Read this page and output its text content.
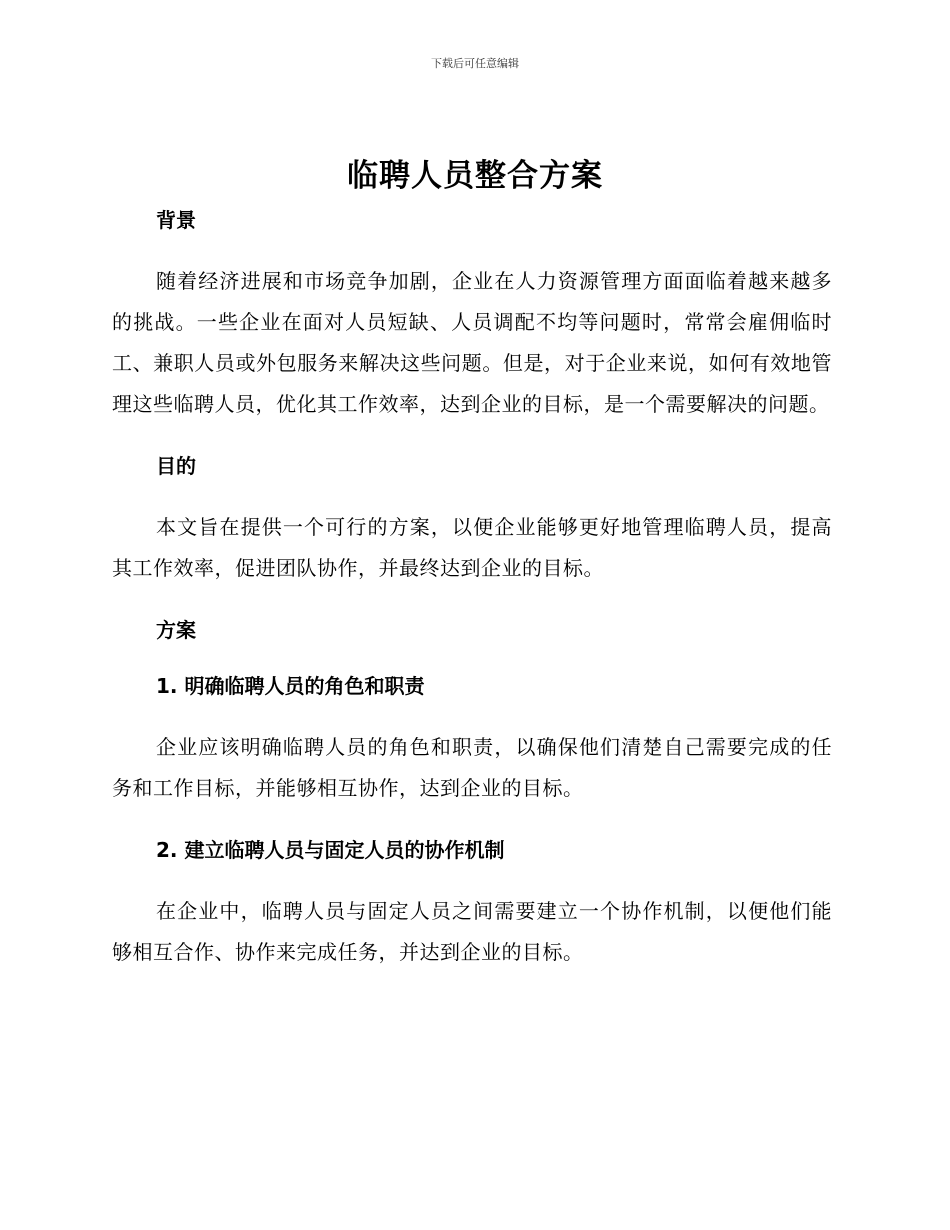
下载后可任意编辑
临聘人员整合方案

背景

随着经济进展和市场竞争加剧，企业在人力资源管理方面面临着越来越多的挑战。一些企业在面对人员短缺、人员调配不均等问题时，常常会雇佣临时工、兼职人员或外包服务来解决这些问题。但是，对于企业来说，如何有效地管理这些临聘人员，优化其工作效率，达到企业的目标，是一个需要解决的问题。

目的

本文旨在提供一个可行的方案，以便企业能够更好地管理临聘人员，提高其工作效率，促进团队协作，并最终达到企业的目标。

方案

1. 明确临聘人员的角色和职责

企业应该明确临聘人员的角色和职责，以确保他们清楚自己需要完成的任务和工作目标，并能够相互协作，达到企业的目标。

2. 建立临聘人员与固定人员的协作机制

在企业中，临聘人员与固定人员之间需要建立一个协作机制，以便他们能够相互合作、协作来完成任务，并达到企业的目标。
